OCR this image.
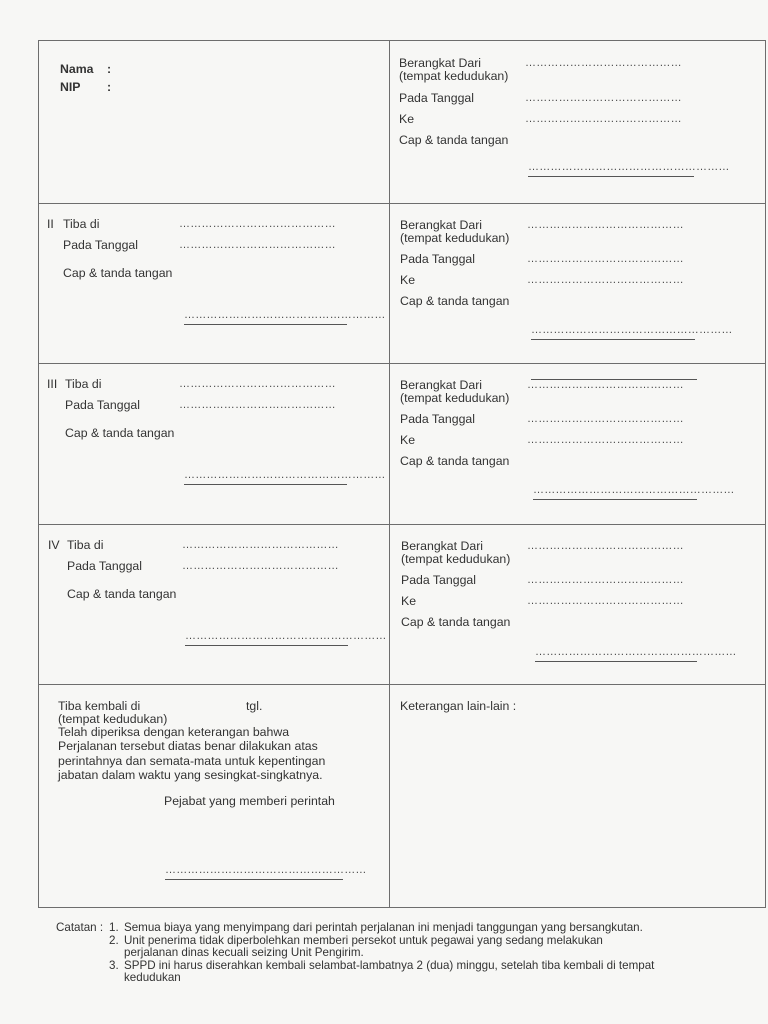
Nama :
NIP :
Berangkat Dari	……………………………………
(tempat kedudukan)
Pada Tanggal	……………………………………
Ke	……………………………………
Cap & tanda tangan
………………………………………………
II Tiba di	……………………………………
Pada Tanggal	……………………………………
Cap & tanda tangan
………………………………………………
III Tiba di	……………………………………
Pada Tanggal	……………………………………
Cap & tanda tangan
………………………………………………
IV Tiba di	……………………………………
Pada Tanggal	……………………………………
Cap & tanda tangan
………………………………………………
Berangkat Dari	……………………………………
(tempat kedudukan)
Pada Tanggal	……………………………………
Ke	……………………………………
Cap & tanda tangan
………………………………………………
Berangkat Dari	……………………………………
(tempat kedudukan)
Pada Tanggal	……………………………………
Ke	……………………………………
Cap & tanda tangan
………………………………………………
Berangkat Dari	……………………………………
(tempat kedudukan)
Pada Tanggal	……………………………………
Ke	……………………………………
Cap & tanda tangan
………………………………………………
Tiba kembali di	tgl.
(tempat kedudukan)
Telah diperiksa dengan keterangan bahwa
Perjalanan tersebut diatas benar dilakukan atas
perintahnya dan semata-mata untuk kepentingan
jabatan dalam waktu yang sesingkat-singkatnya.
Pejabat yang memberi perintah
………………………………………………
Keterangan lain-lain :
Catatan : 1. Semua biaya yang menyimpang dari perintah perjalanan ini menjadi tanggungan yang bersangkutan.
2. Unit penerima tidak diperbolehkan memberi persekot untuk pegawai yang sedang melakukan
perjalanan dinas kecuali seizing Unit Pengirim.
3. SPPD ini harus diserahkan kembali selambat-lambatnya 2 (dua) minggu, setelah tiba kembali di tempat
kedudukan
